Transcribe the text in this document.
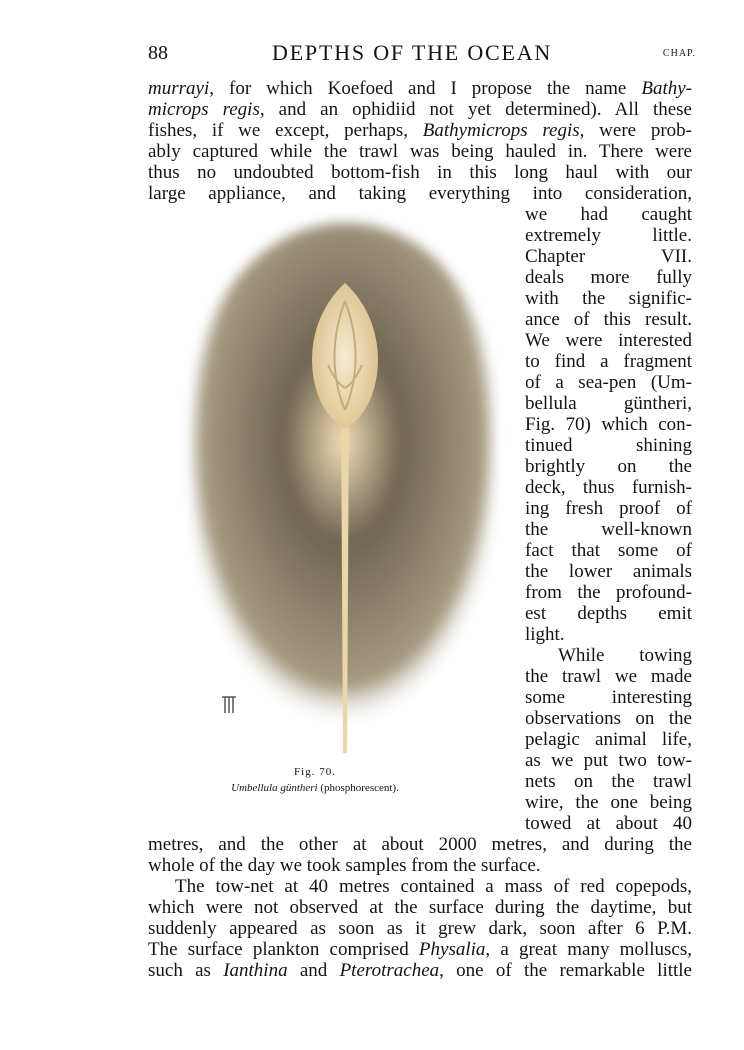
88	DEPTHS OF THE OCEAN	CHAP.
murrayi, for which Koefoed and I propose the name Bathy-
microps regis, and an ophidiid not yet determined). All these
fishes, if we except, perhaps, Bathymicrops regis, were prob-
ably captured while the trawl was being hauled in. There were
thus no undoubted bottom-fish in this long haul with our
large appliance, and taking everything into consideration,
we had caught
extremely little.
Chapter VII.
deals more fully
with the signific-
ance of this result.
We were interested
to find a fragment
of a sea-pen (Um-
bellula güntheri,
Fig. 70) which con-
tinued shining
brightly on the
deck, thus furnish-
ing fresh proof of
the well-known
fact that some of
the lower animals
from the profound-
est depths emit
light.
While towing
the trawl we made
some interesting
observations on the
pelagic animal life,
as we put two tow-
nets on the trawl
wire, the one being
towed at about 40
metres, and the other at about 2000 metres, and during the
whole of the day we took samples from the surface.
The tow-net at 40 metres contained a mass of red copepods,
which were not observed at the surface during the daytime, but
suddenly appeared as soon as it grew dark, soon after 6 P.M.
The surface plankton comprised Physalia, a great many molluscs,
such as Ianthina and Pterotrachea, one of the remarkable little
Fig. 70.
Umbellula güntheri (phosphorescent).
